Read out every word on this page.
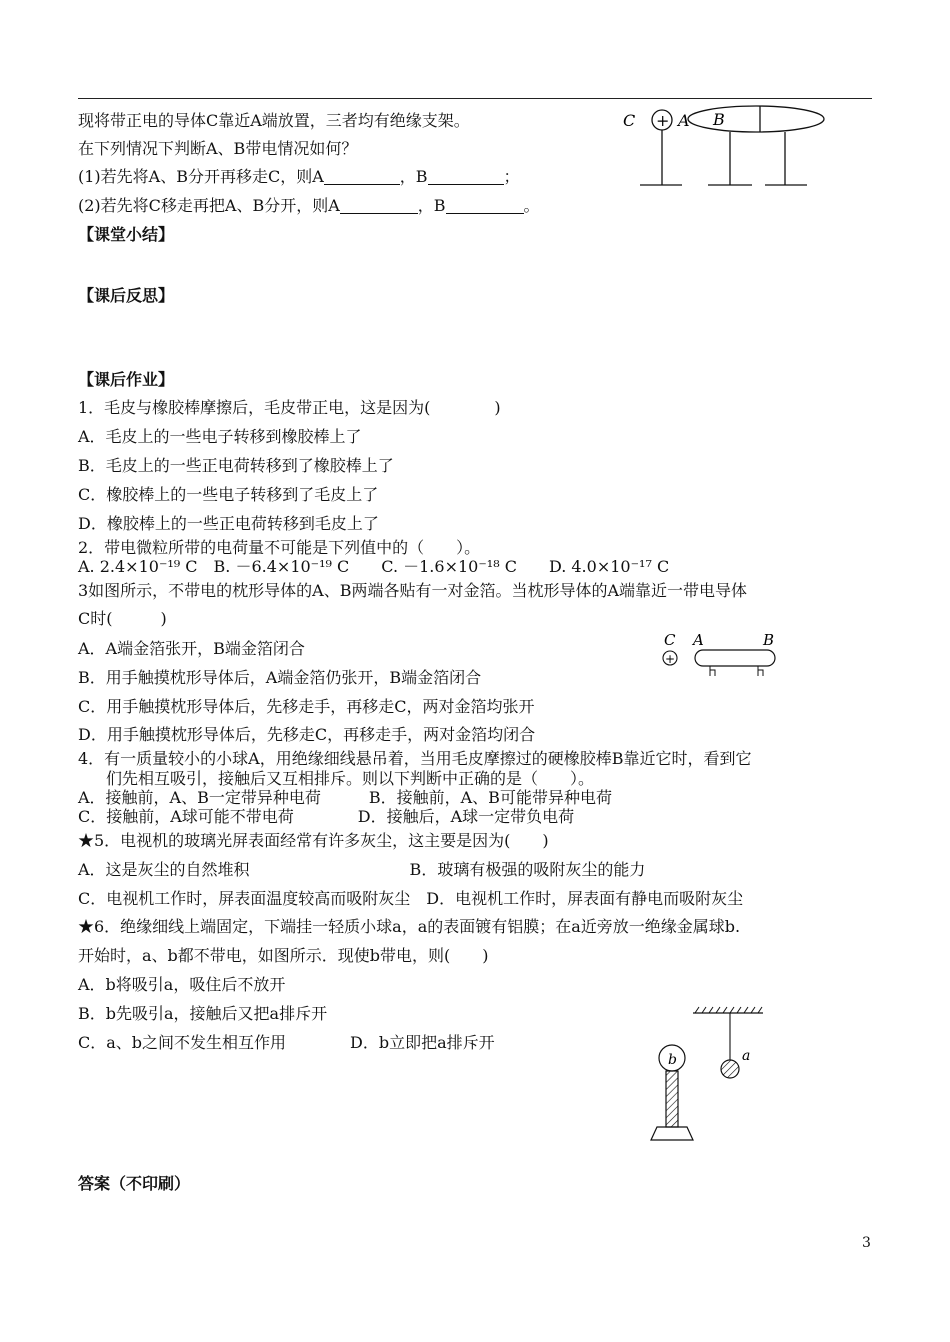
现将带正电的导体C靠近A端放置，三者均有绝缘支架。
在下列情况下判断A、B带电情况如何？
(1)若先将A、B分开再移走C，则A	，B	；
(2)若先将C移走再把A、B分开，则A	，B	。
C + A B
【课堂小结】
【课后反思】
【课后作业】
1．毛皮与橡胶棒摩擦后，毛皮带正电，这是因为(　　　　)
A．毛皮上的一些电子转移到橡胶棒上了
B．毛皮上的一些正电荷转移到了橡胶棒上了
C．橡胶棒上的一些电子转移到了毛皮上了
D．橡胶棒上的一些正电荷转移到毛皮上了
2．带电微粒所带的电荷量不可能是下列值中的（　　）。
A. 2.4×10⁻¹⁹ C　B. －6.4×10⁻¹⁹ C　　C. －1.6×10⁻¹⁸ C　　D. 4.0×10⁻¹⁷ C
3如图所示，不带电的枕形导体的A、B两端各贴有一对金箔。当枕形导体的A端靠近一带电导体
C时(　　　)
A．A端金箔张开，B端金箔闭合
B．用手触摸枕形导体后，A端金箔仍张开，B端金箔闭合
C．用手触摸枕形导体后，先移走手，再移走C，两对金箔均张开
D．用手触摸枕形导体后，先移走C，再移走手，两对金箔均闭合
C A	B
+
4．有一质量较小的小球A，用绝缘细线悬吊着，当用毛皮摩擦过的硬橡胶棒B靠近它时，看到它
们先相互吸引，接触后又互相排斥。则以下判断中正确的是（　　）。
A．接触前，A、B一定带异种电荷　　　B．接触前，A、B可能带异种电荷
C．接触前，A球可能不带电荷　　　　D．接触后，A球一定带负电荷
★5．电视机的玻璃光屏表面经常有许多灰尘，这主要是因为(　　)
A．这是灰尘的自然堆积　　　　　　　　　　B．玻璃有极强的吸附灰尘的能力
C．电视机工作时，屏表面温度较高而吸附灰尘　D．电视机工作时，屏表面有静电而吸附灰尘
★6．绝缘细线上端固定，下端挂一轻质小球a，a的表面镀有铝膜；在a近旁放一绝缘金属球b.
开始时，a、b都不带电，如图所示．现使b带电，则(　　)
A．b将吸引a，吸住后不放开
B．b先吸引a，接触后又把a排斥开
C．a、b之间不发生相互作用　　　　D．b立即把a排斥开
a
b
答案（不印刷）
3
